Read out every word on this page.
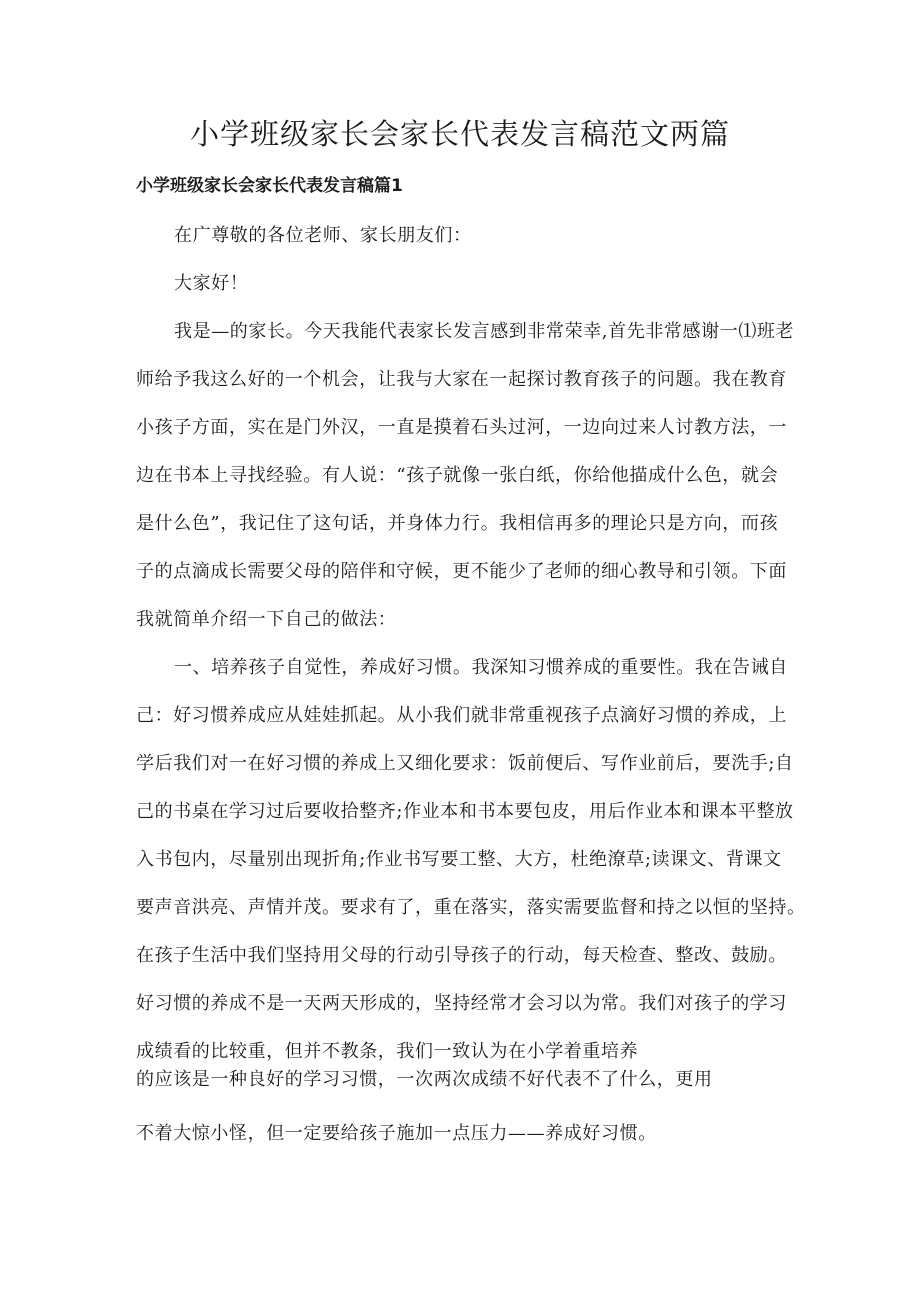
小学班级家长会家长代表发言稿范文两篇
小学班级家长会家长代表发言稿篇1

在广尊敬的各位老师、家长朋友们：

大家好！

我是—的家长。今天我能代表家长发言感到非常荣幸,首先非常感谢一⑴班老

师给予我这么好的一个机会，让我与大家在一起探讨教育孩子的问题。我在教育

小孩子方面，实在是门外汉，一直是摸着石头过河，一边向过来人讨教方法，一

边在书本上寻找经验。有人说：“孩子就像一张白纸，你给他描成什么色，就会

是什么色”，我记住了这句话，并身体力行。我相信再多的理论只是方向，而孩

子的点滴成长需要父母的陪伴和守候，更不能少了老师的细心教导和引领。下面

我就简单介绍一下自己的做法：

一、培养孩子自觉性，养成好习惯。我深知习惯养成的重要性。我在告诫自

己：好习惯养成应从娃娃抓起。从小我们就非常重视孩子点滴好习惯的养成，上

学后我们对一在好习惯的养成上又细化要求：饭前便后、写作业前后，要洗手;自

己的书桌在学习过后要收拾整齐;作业本和书本要包皮，用后作业本和课本平整放

入书包内，尽量别出现折角;作业书写要工整、大方，杜绝潦草;读课文、背课文

要声音洪亮、声情并茂。要求有了，重在落实，落实需要监督和持之以恒的坚持。

在孩子生活中我们坚持用父母的行动引导孩子的行动，每天检查、整改、鼓励。

好习惯的养成不是一天两天形成的，坚持经常才会习以为常。我们对孩子的学习

成绩看的比较重，但并不教条，我们一致认为在小学着重培养

的应该是一种良好的学习习惯，一次两次成绩不好代表不了什么，更用

不着大惊小怪，但一定要给孩子施加一点压力——养成好习惯。
